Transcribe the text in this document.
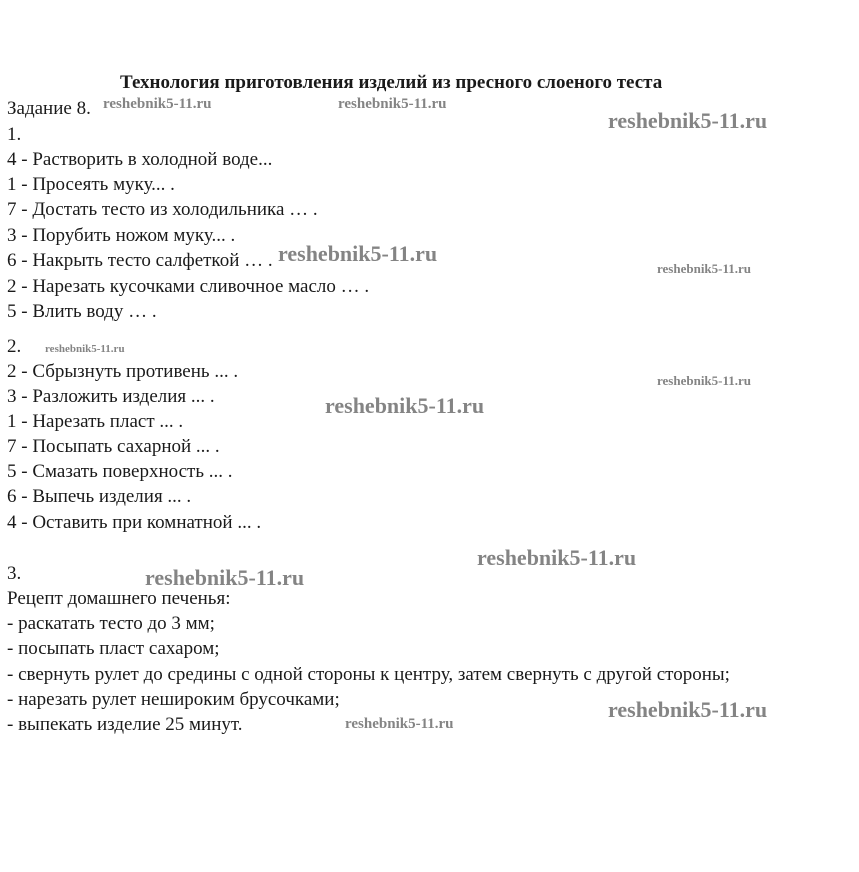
Технология приготовления изделий из пресного слоеного теста
Задание 8.
1.
4 - Растворить в холодной воде...
1 - Просеять муку... .
7 - Достать тесто из холодильника … .
3 - Порубить ножом муку... .
6 - Накрыть тесто салфеткой … .
2 - Нарезать кусочками сливочное масло … .
5 - Влить воду … .
2.
2 - Сбрызнуть противень ... .
3 - Разложить изделия ... .
1 - Нарезать пласт ... .
7 - Посыпать сахарной ... .
5 - Смазать поверхность ... .
6 - Выпечь изделия ... .
4 - Оставить при комнатной ... .
3.
Рецепт домашнего печенья:
- раскатать тесто до 3 мм;
- посыпать пласт сахаром;
- свернуть рулет до средины с одной стороны к центру, затем свернуть с другой стороны;
- нарезать рулет нешироким брусочками;
- выпекать изделие 25 минут.
reshebnik5-11.ru	reshebnik5-11.ru
reshebnik5-11.ru
reshebnik5-11.ru
reshebnik5-11.ru
reshebnik5-11.ru
reshebnik5-11.ru
reshebnik5-11.ru
reshebnik5-11.ru
reshebnik5-11.ru
reshebnik5-11.ru
reshebnik5-11.ru
